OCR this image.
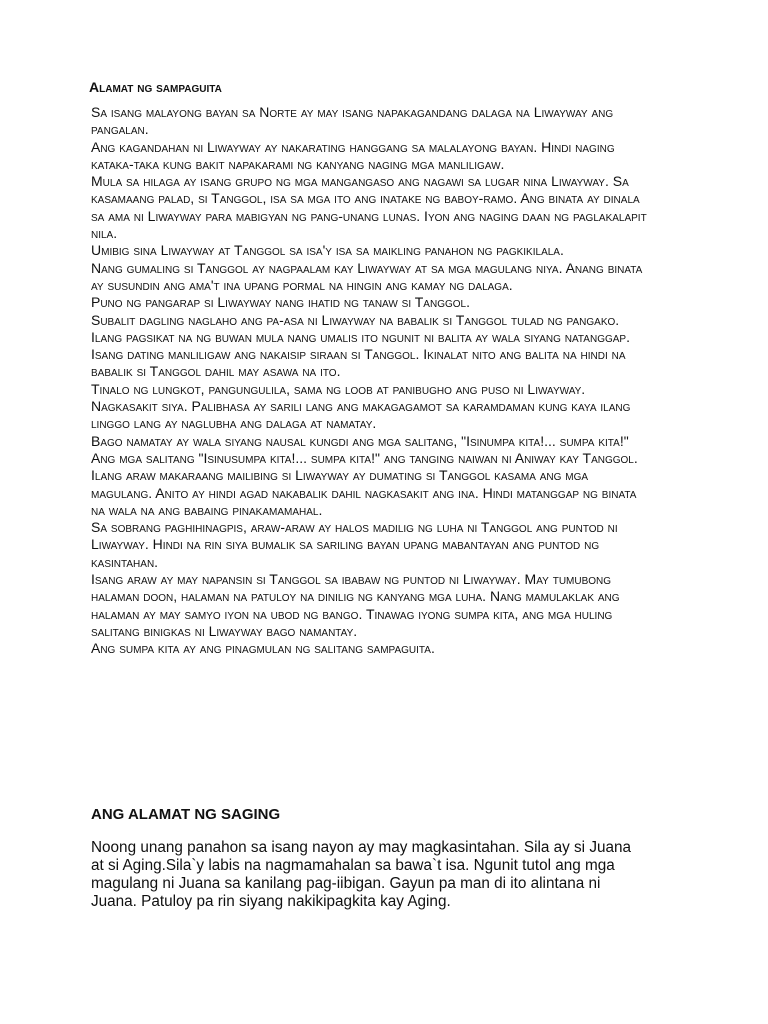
Alamat ng sampaguita

Sa isang malayong bayan sa Norte ay may isang napakagandang dalaga na Liwayway ang pangalan.

Ang kagandahan ni Liwayway ay nakarating hanggang sa malalayong bayan. Hindi naging kataka-taka kung bakit napakarami ng kanyang naging mga manliligaw.

Mula sa hilaga ay isang grupo ng mga mangangaso ang nagawi sa lugar nina Liwayway. Sa kasamaang palad, si Tanggol, isa sa mga ito ang inatake ng baboy-ramo. Ang binata ay dinala sa ama ni Liwayway para mabigyan ng pang-unang lunas. Iyon ang naging daan ng paglakalapit nila.

Umibig sina Liwayway at Tanggol sa isa'y isa sa maikling panahon ng pagkikilala.

Nang gumaling si Tanggol ay nagpaalam kay Liwayway at sa mga magulang niya. Anang binata ay susundin ang ama't ina upang pormal na hingin ang kamay ng dalaga.

Puno ng pangarap si Liwayway nang ihatid ng tanaw si Tanggol.

Subalit dagling naglaho ang pa-asa ni Liwayway na babalik si Tanggol tulad ng pangako. Ilang pagsikat na ng buwan mula nang umalis ito ngunit ni balita ay wala siyang natanggap.

Isang dating manliligaw ang nakaisip siraan si Tanggol. Ikinalat nito ang balita na hindi na babalik si Tanggol dahil may asawa na ito.

Tinalo ng lungkot, pangungulila, sama ng loob at panibugho ang puso ni Liwayway. Nagkasakit siya. Palibhasa ay sarili lang ang makagagamot sa karamdaman kung kaya ilang linggo lang ay naglubha ang dalaga at namatay.

Bago namatay ay wala siyang nausal kungdi ang mga salitang, "Isinumpa kita!... sumpa kita!"

Ang mga salitang "Isinusumpa kita!... sumpa kita!" ang tanging naiwan ni Aniway kay Tanggol.

Ilang araw makaraang mailibing si Liwayway ay dumating si Tanggol kasama ang mga magulang. Anito ay hindi agad nakabalik dahil nagkasakit ang ina. Hindi matanggap ng binata na wala na ang babaing pinakamamahal.

Sa sobrang paghihinagpis, araw-araw ay halos madilig ng luha ni Tanggol ang puntod ni Liwayway. Hindi na rin siya bumalik sa sariling bayan upang mabantayan ang puntod ng kasintahan.

Isang araw ay may napansin si Tanggol sa ibabaw ng puntod ni Liwayway. May tumubong halaman doon, halaman na patuloy na dinilig ng kanyang mga luha. Nang mamulaklak ang halaman ay may samyo iyon na ubod ng bango. Tinawag iyong sumpa kita, ang mga huling salitang binigkas ni Liwayway bago namantay.

Ang sumpa kita ay ang pinagmulan ng salitang sampaguita.

ANG ALAMAT NG SAGING

Noong unang panahon sa isang nayon ay may magkasintahan. Sila ay si Juana at si Aging.Sila`y labis na nagmamahalan sa bawa`t isa. Ngunit tutol ang mga magulang ni Juana sa kanilang pag-iibigan. Gayun pa man di ito alintana ni Juana. Patuloy pa rin siyang nakikipagkita kay Aging.
